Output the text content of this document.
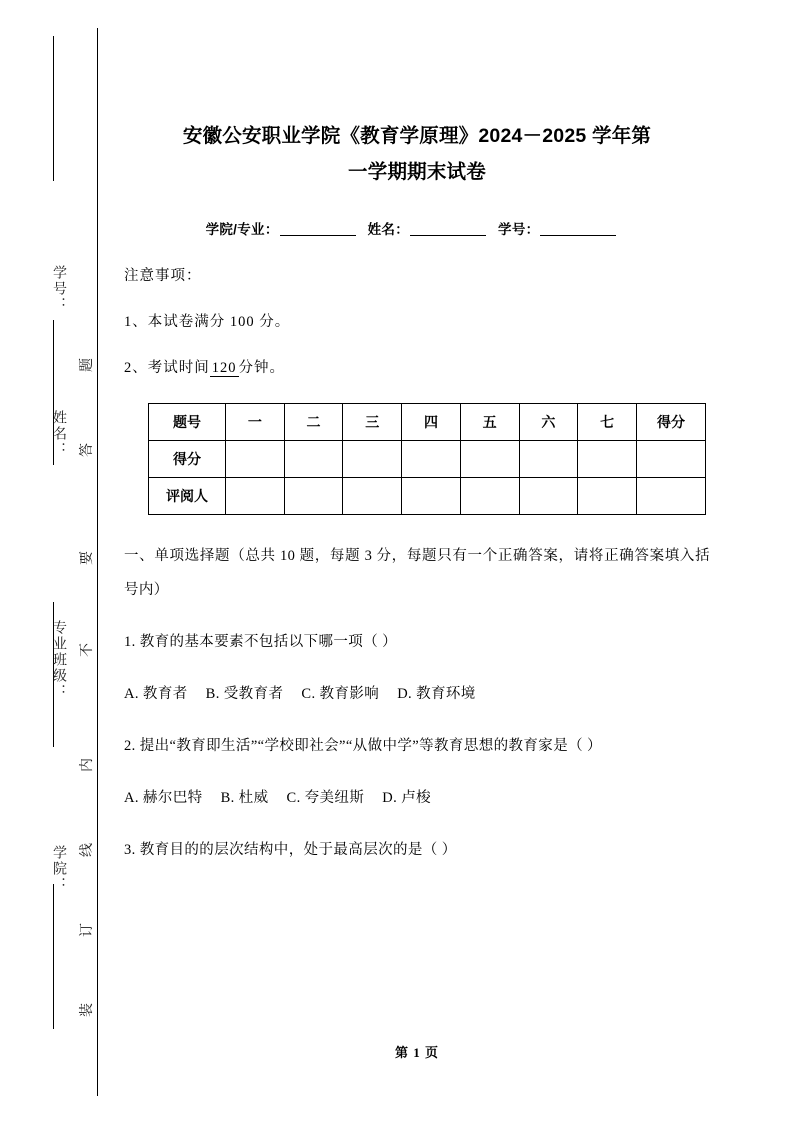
学号：
姓名：
专业班级：
学院：
题
答
要
不
内
线
订
装
安徽公安职业学院《教育学原理》2024－2025 学年第
一学期期末试卷
学院/专业：	姓名：	学号：
注意事项：
1、本试卷满分 100 分。
2、考试时间 120 分钟。
题号	一	二	三	四	五	六	七	得分
得分								
评阅人								
一、单项选择题（总共 10 题，每题 3 分，每题只有一个正确答案，请将正确答案填入括号内）
1. 教育的基本要素不包括以下哪一项（ ）
A. 教育者 B. 受教育者 C. 教育影响 D. 教育环境
2. 提出“教育即生活”“学校即社会”“从做中学”等教育思想的教育家是（ ）
A. 赫尔巴特 B. 杜威 C. 夸美纽斯 D. 卢梭
3. 教育目的的层次结构中，处于最高层次的是（ ）
第 1 页
